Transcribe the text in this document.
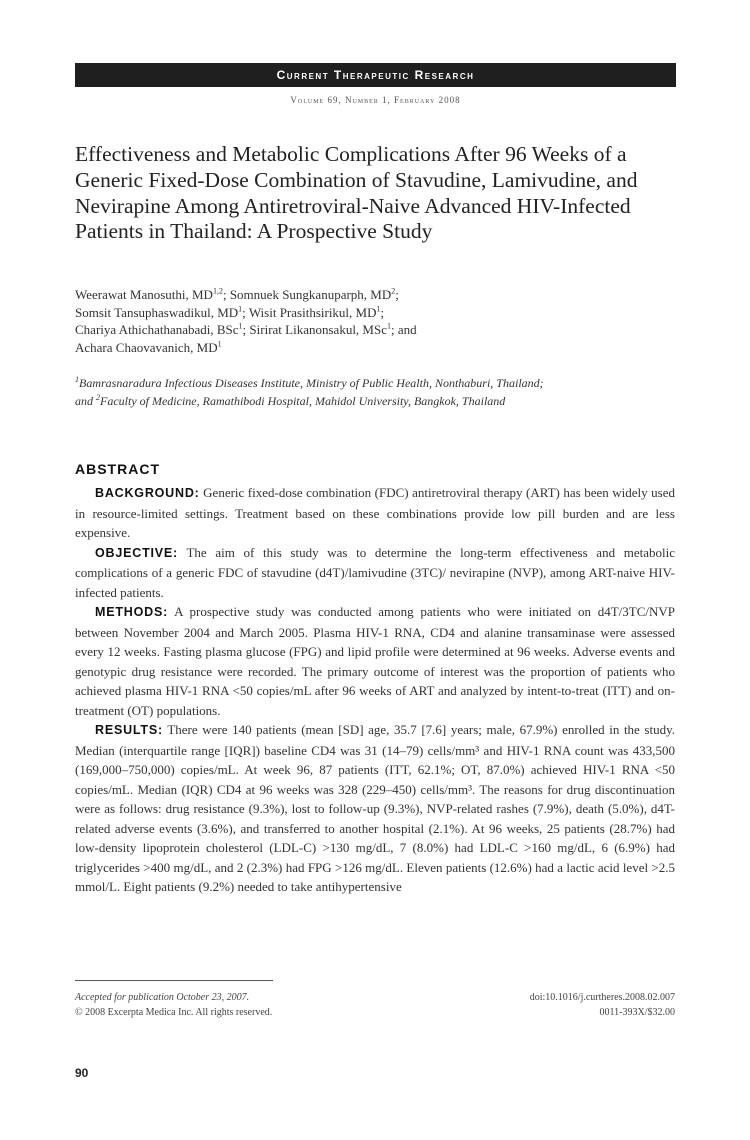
Current Therapeutic Research
Volume 69, Number 1, February 2008
Effectiveness and Metabolic Complications After 96 Weeks of a Generic Fixed-Dose Combination of Stavudine, Lamivudine, and Nevirapine Among Antiretroviral-Naive Advanced HIV-Infected Patients in Thailand: A Prospective Study
Weerawat Manosuthi, MD$^{1,2}$; Somnuek Sungkanuparph, $MD^2$;
Somsit Tansuphaswadikul, $MD^1$; Wisit Prasithsirikul, $MD^1$;
Chariya Athichathanabadi, BSc$^1$; Sirirat Likanonsakul, MSc$^1$; and
Achara Chaovavanich, $MD^1$
$^1$Bamrasnaradura Infectious Diseases Institute, Ministry of Public Health, Nonthaburi, Thailand;
and $^2$Faculty of Medicine, Ramathibodi Hospital, Mahidol University, Bangkok, Thailand
ABSTRACT

BACKGROUND: Generic fixed-dose combination (FDC) antiretroviral therapy (ART) has been widely used in resource-limited settings. Treatment based on these combinations provide low pill burden and are less expensive.

OBJECTIVE: The aim of this study was to determine the long-term effectiveness and metabolic complications of a generic FDC of stavudine (d4T)/lamivudine (3TC)/ nevirapine (NVP), among ART-naive HIV-infected patients.

METHODS: A prospective study was conducted among patients who were initiated on d4T/3TC/NVP between November 2004 and March 2005. Plasma HIV-1 RNA, CD4 and alanine transaminase were assessed every 12 weeks. Fasting plasma glucose (FPG) and lipid profile were determined at 96 weeks. Adverse events and genotypic drug resistance were recorded. The primary outcome of interest was the proportion of patients who achieved plasma HIV-1 RNA <50 copies/mL after 96 weeks of ART and analyzed by intent-to-treat (ITT) and on-treatment (OT) populations.

RESULTS: There were 140 patients (mean [SD] age, 35.7 [7.6] years; male, 67.9%) enrolled in the study. Median (interquartile range [IQR]) baseline CD4 was 31 (14–79) cells/mm³ and HIV-1 RNA count was 433,500 (169,000–750,000) copies/mL. At week 96, 87 patients (ITT, 62.1%; OT, 87.0%) achieved HIV-1 RNA <50 copies/mL. Median (IQR) CD4 at 96 weeks was 328 (229–450) cells/mm³. The reasons for drug discontinuation were as follows: drug resistance (9.3%), lost to follow-up (9.3%), NVP-related rashes (7.9%), death (5.0%), d4T-related adverse events (3.6%), and transferred to another hospital (2.1%). At 96 weeks, 25 patients (28.7%) had low-density lipoprotein cholesterol (LDL-C) >130 mg/dL, 7 (8.0%) had LDL-C >160 mg/dL, 6 (6.9%) had triglycerides >400 mg/dL, and 2 (2.3%) had FPG >126 mg/dL. Eleven patients (12.6%) had a lactic acid level >2.5 mmol/L. Eight patients (9.2%) needed to take antihypertensive

Accepted for publication October 23, 2007.
© 2008 Excerpta Medica Inc. All rights reserved.
doi:10.1016/j.curtheres.2008.02.007
0011-393X/$32.00
90
